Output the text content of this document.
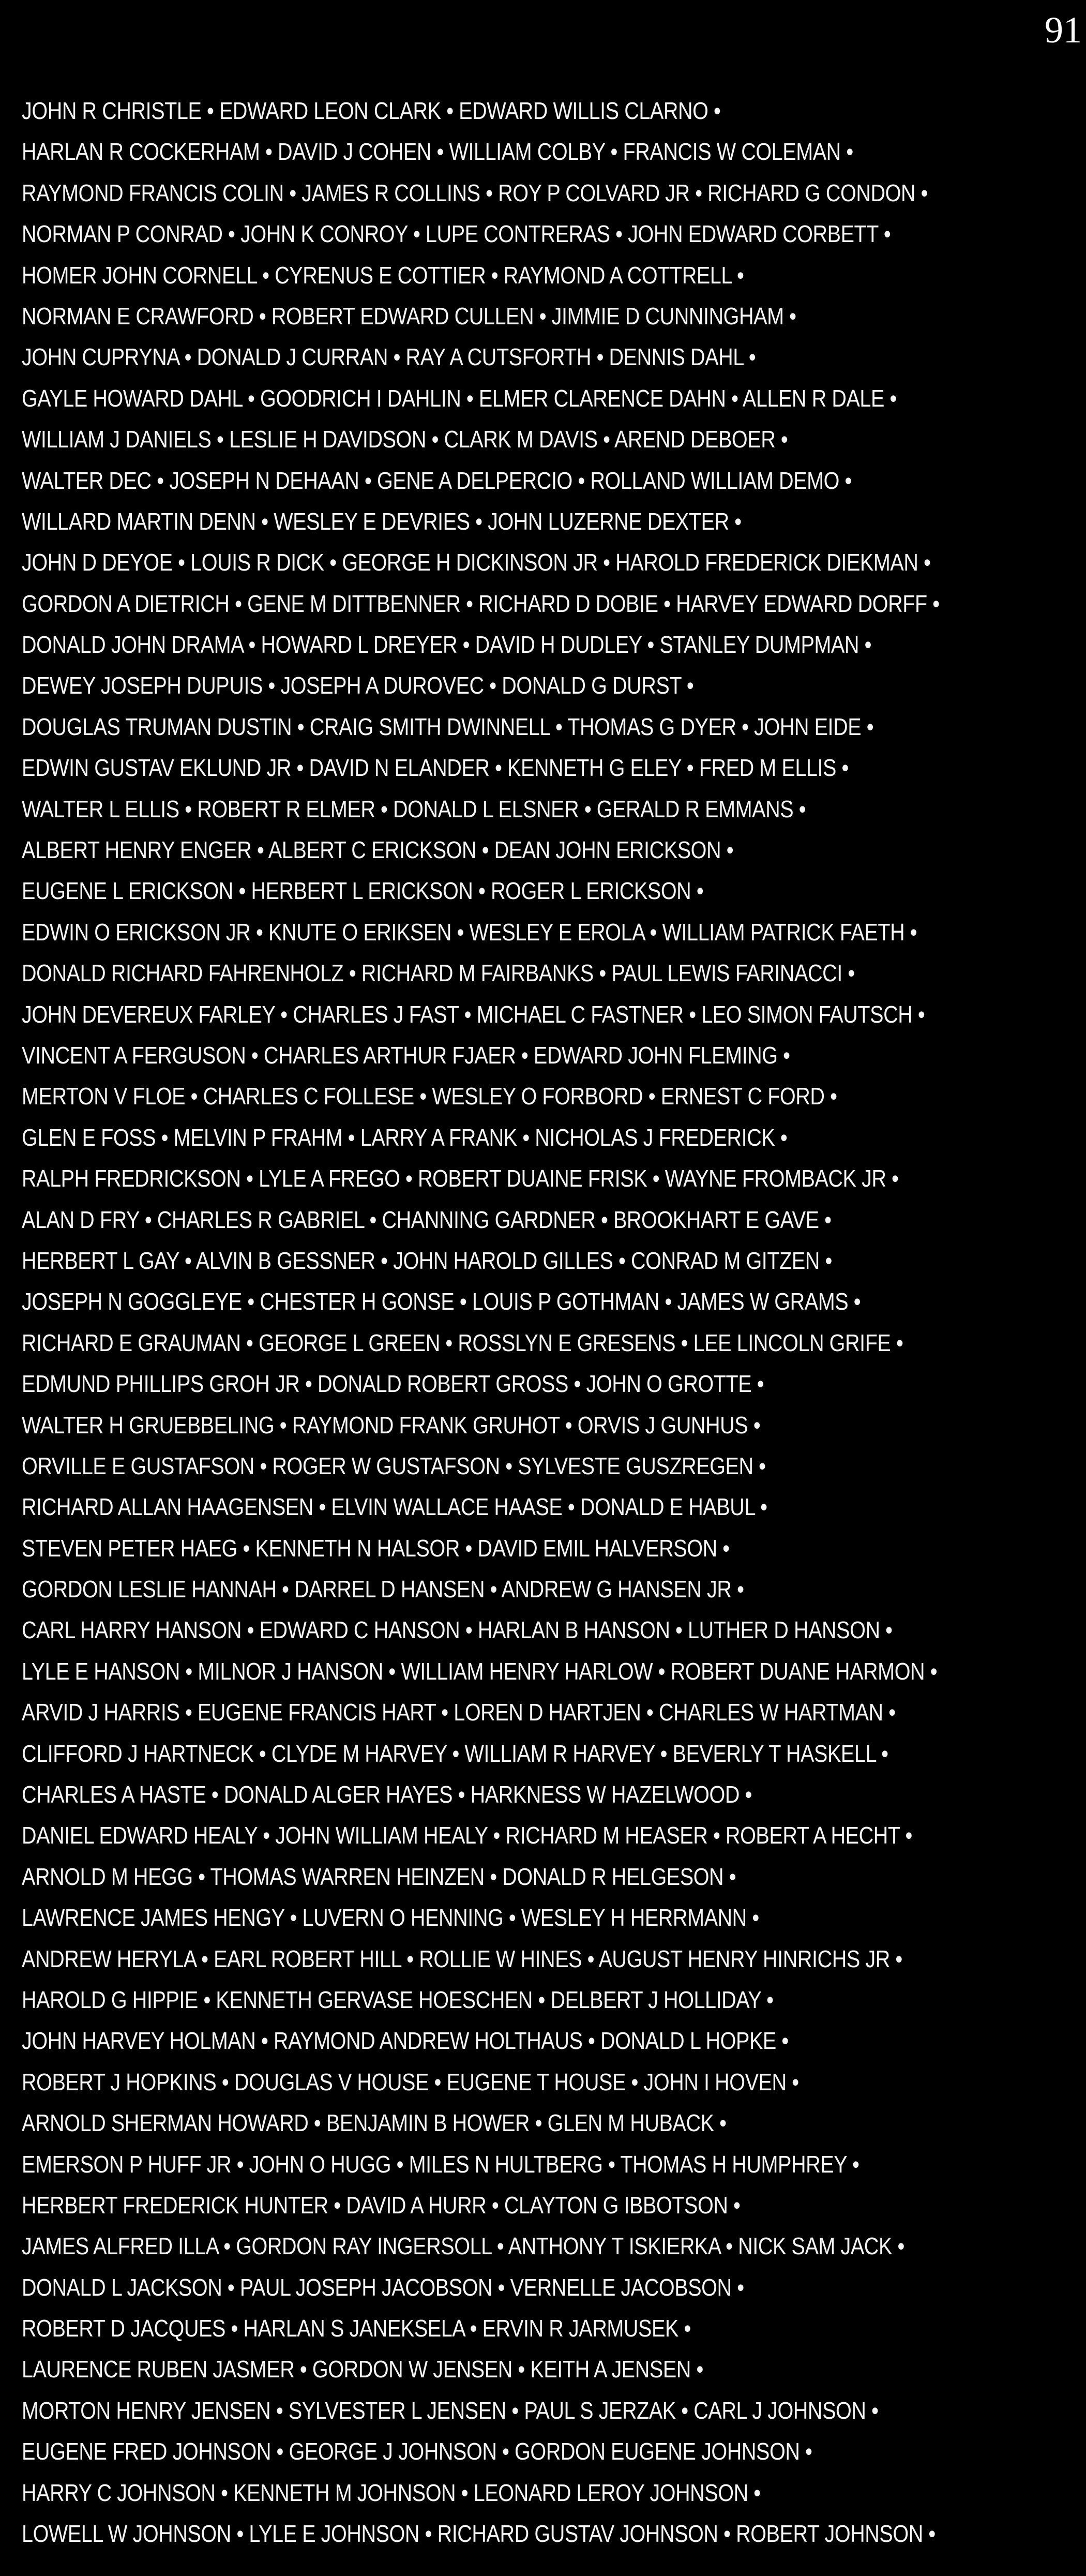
91
JOHN R CHRISTLE • EDWARD LEON CLARK • EDWARD WILLIS CLARNO •
HARLAN R COCKERHAM • DAVID J COHEN • WILLIAM COLBY • FRANCIS W COLEMAN •
RAYMOND FRANCIS COLIN • JAMES R COLLINS • ROY P COLVARD JR • RICHARD G CONDON •
NORMAN P CONRAD • JOHN K CONROY • LUPE CONTRERAS • JOHN EDWARD CORBETT •
HOMER JOHN CORNELL • CYRENUS E COTTIER • RAYMOND A COTTRELL •
NORMAN E CRAWFORD • ROBERT EDWARD CULLEN • JIMMIE D CUNNINGHAM •
JOHN CUPRYNA • DONALD J CURRAN • RAY A CUTSFORTH • DENNIS DAHL •
GAYLE HOWARD DAHL • GOODRICH I DAHLIN • ELMER CLARENCE DAHN • ALLEN R DALE •
WILLIAM J DANIELS • LESLIE H DAVIDSON • CLARK M DAVIS • AREND DEBOER •
WALTER DEC • JOSEPH N DEHAAN • GENE A DELPERCIO • ROLLAND WILLIAM DEMO •
WILLARD MARTIN DENN • WESLEY E DEVRIES • JOHN LUZERNE DEXTER •
JOHN D DEYOE • LOUIS R DICK • GEORGE H DICKINSON JR • HAROLD FREDERICK DIEKMAN •
GORDON A DIETRICH • GENE M DITTBENNER • RICHARD D DOBIE • HARVEY EDWARD DORFF •
DONALD JOHN DRAMA • HOWARD L DREYER • DAVID H DUDLEY • STANLEY DUMPMAN •
DEWEY JOSEPH DUPUIS • JOSEPH A DUROVEC • DONALD G DURST •
DOUGLAS TRUMAN DUSTIN • CRAIG SMITH DWINNELL • THOMAS G DYER • JOHN EIDE •
EDWIN GUSTAV EKLUND JR • DAVID N ELANDER • KENNETH G ELEY • FRED M ELLIS •
WALTER L ELLIS • ROBERT R ELMER • DONALD L ELSNER • GERALD R EMMANS •
ALBERT HENRY ENGER • ALBERT C ERICKSON • DEAN JOHN ERICKSON •
EUGENE L ERICKSON • HERBERT L ERICKSON • ROGER L ERICKSON •
EDWIN O ERICKSON JR • KNUTE O ERIKSEN • WESLEY E EROLA • WILLIAM PATRICK FAETH •
DONALD RICHARD FAHRENHOLZ • RICHARD M FAIRBANKS • PAUL LEWIS FARINACCI •
JOHN DEVEREUX FARLEY • CHARLES J FAST • MICHAEL C FASTNER • LEO SIMON FAUTSCH •
VINCENT A FERGUSON • CHARLES ARTHUR FJAER • EDWARD JOHN FLEMING •
MERTON V FLOE • CHARLES C FOLLESE • WESLEY O FORBORD • ERNEST C FORD •
GLEN E FOSS • MELVIN P FRAHM • LARRY A FRANK • NICHOLAS J FREDERICK •
RALPH FREDRICKSON • LYLE A FREGO • ROBERT DUAINE FRISK • WAYNE FROMBACK JR •
ALAN D FRY • CHARLES R GABRIEL • CHANNING GARDNER • BROOKHART E GAVE •
HERBERT L GAY • ALVIN B GESSNER • JOHN HAROLD GILLES • CONRAD M GITZEN •
JOSEPH N GOGGLEYE • CHESTER H GONSE • LOUIS P GOTHMAN • JAMES W GRAMS •
RICHARD E GRAUMAN • GEORGE L GREEN • ROSSLYN E GRESENS • LEE LINCOLN GRIFE •
EDMUND PHILLIPS GROH JR • DONALD ROBERT GROSS • JOHN O GROTTE •
WALTER H GRUEBBELING • RAYMOND FRANK GRUHOT • ORVIS J GUNHUS •
ORVILLE E GUSTAFSON • ROGER W GUSTAFSON • SYLVESTE GUSZREGEN •
RICHARD ALLAN HAAGENSEN • ELVIN WALLACE HAASE • DONALD E HABUL •
STEVEN PETER HAEG • KENNETH N HALSOR • DAVID EMIL HALVERSON •
GORDON LESLIE HANNAH • DARREL D HANSEN • ANDREW G HANSEN JR •
CARL HARRY HANSON • EDWARD C HANSON • HARLAN B HANSON • LUTHER D HANSON •
LYLE E HANSON • MILNOR J HANSON • WILLIAM HENRY HARLOW • ROBERT DUANE HARMON •
ARVID J HARRIS • EUGENE FRANCIS HART • LOREN D HARTJEN • CHARLES W HARTMAN •
CLIFFORD J HARTNECK • CLYDE M HARVEY • WILLIAM R HARVEY • BEVERLY T HASKELL •
CHARLES A HASTE • DONALD ALGER HAYES • HARKNESS W HAZELWOOD •
DANIEL EDWARD HEALY • JOHN WILLIAM HEALY • RICHARD M HEASER • ROBERT A HECHT •
ARNOLD M HEGG • THOMAS WARREN HEINZEN • DONALD R HELGESON •
LAWRENCE JAMES HENGY • LUVERN O HENNING • WESLEY H HERRMANN •
ANDREW HERYLA • EARL ROBERT HILL • ROLLIE W HINES • AUGUST HENRY HINRICHS JR •
HAROLD G HIPPIE • KENNETH GERVASE HOESCHEN • DELBERT J HOLLIDAY •
JOHN HARVEY HOLMAN • RAYMOND ANDREW HOLTHAUS • DONALD L HOPKE •
ROBERT J HOPKINS • DOUGLAS V HOUSE • EUGENE T HOUSE • JOHN I HOVEN •
ARNOLD SHERMAN HOWARD • BENJAMIN B HOWER • GLEN M HUBACK •
EMERSON P HUFF JR • JOHN O HUGG • MILES N HULTBERG • THOMAS H HUMPHREY •
HERBERT FREDERICK HUNTER • DAVID A HURR • CLAYTON G IBBOTSON •
JAMES ALFRED ILLA • GORDON RAY INGERSOLL • ANTHONY T ISKIERKA • NICK SAM JACK •
DONALD L JACKSON • PAUL JOSEPH JACOBSON • VERNELLE JACOBSON •
ROBERT D JACQUES • HARLAN S JANEKSELA • ERVIN R JARMUSEK •
LAURENCE RUBEN JASMER • GORDON W JENSEN • KEITH A JENSEN •
MORTON HENRY JENSEN • SYLVESTER L JENSEN • PAUL S JERZAK • CARL J JOHNSON •
EUGENE FRED JOHNSON • GEORGE J JOHNSON • GORDON EUGENE JOHNSON •
HARRY C JOHNSON • KENNETH M JOHNSON • LEONARD LEROY JOHNSON •
LOWELL W JOHNSON • LYLE E JOHNSON • RICHARD GUSTAV JOHNSON • ROBERT JOHNSON •
